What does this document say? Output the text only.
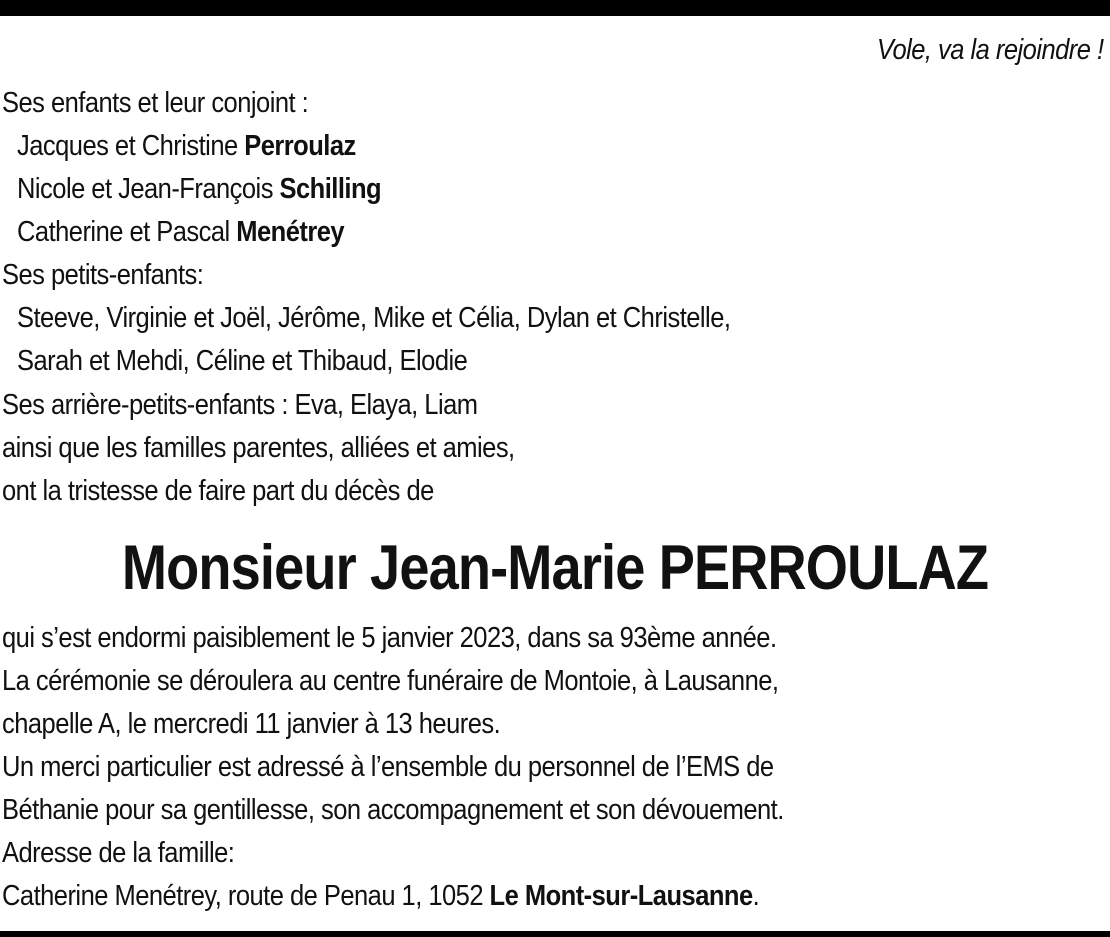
Vole, va la rejoindre !
Ses enfants et leur conjoint :
Jacques et Christine Perroulaz
Nicole et Jean-François Schilling
Catherine et Pascal Menétrey
Ses petits-enfants:
Steeve, Virginie et Joël, Jérôme, Mike et Célia, Dylan et Christelle,
Sarah et Mehdi, Céline et Thibaud, Elodie
Ses arrière-petits-enfants : Eva, Elaya, Liam
ainsi que les familles parentes, alliées et amies,
ont la tristesse de faire part du décès de
Monsieur Jean-Marie PERROULAZ
qui s’est endormi paisiblement le 5 janvier 2023, dans sa 93ème année.
La cérémonie se déroulera au centre funéraire de Montoie, à Lausanne,
chapelle A, le mercredi 11 janvier à 13 heures.
Un merci particulier est adressé à l’ensemble du personnel de l’EMS de
Béthanie pour sa gentillesse, son accompagnement et son dévouement.
Adresse de la famille:
Catherine Menétrey, route de Penau 1, 1052 Le Mont-sur-Lausanne.
